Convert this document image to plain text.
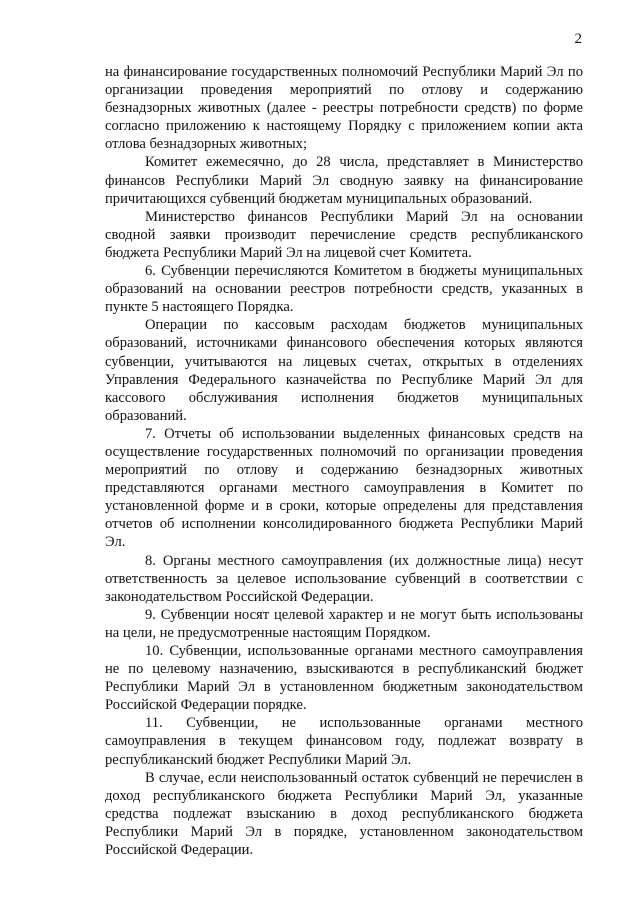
2

на финансирование государственных полномочий Республики Марий Эл по организации проведения мероприятий по отлову и содержанию безнадзорных животных (далее - реестры потребности средств) по форме согласно приложению к настоящему Порядку с приложением копии акта отлова безнадзорных животных;

Комитет ежемесячно, до 28 числа, представляет в Министерство финансов Республики Марий Эл сводную заявку на финансирование причитающихся субвенций бюджетам муниципальных образований.

Министерство финансов Республики Марий Эл на основании сводной заявки производит перечисление средств республиканского бюджета Республики Марий Эл на лицевой счет Комитета.

6. Субвенции перечисляются Комитетом в бюджеты муниципальных образований на основании реестров потребности средств, указанных в пункте 5 настоящего Порядка.

Операции по кассовым расходам бюджетов муниципальных образований, источниками финансового обеспечения которых являются субвенции, учитываются на лицевых счетах, открытых в отделениях Управления Федерального казначейства по Республике Марий Эл для кассового обслуживания исполнения бюджетов муниципальных образований.

7. Отчеты об использовании выделенных финансовых средств на осуществление государственных полномочий по организации проведения мероприятий по отлову и содержанию безнадзорных животных представляются органами местного самоуправления в Комитет по установленной форме и в сроки, которые определены для представления отчетов об исполнении консолидированного бюджета Республики Марий Эл.

8. Органы местного самоуправления (их должностные лица) несут ответственность за целевое использование субвенций в соответствии с законодательством Российской Федерации.

9. Субвенции носят целевой характер и не могут быть использованы на цели, не предусмотренные настоящим Порядком.

10. Субвенции, использованные органами местного самоуправления не по целевому назначению, взыскиваются в республиканский бюджет Республики Марий Эл в установленном бюджетным законодательством Российской Федерации порядке.

11. Субвенции, не использованные органами местного самоуправления в текущем финансовом году, подлежат возврату в республиканский бюджет Республики Марий Эл.

В случае, если неиспользованный остаток субвенций не перечислен в доход республиканского бюджета Республики Марий Эл, указанные средства подлежат взысканию в доход республиканского бюджета Республики Марий Эл в порядке, установленном законодательством Российской Федерации.
